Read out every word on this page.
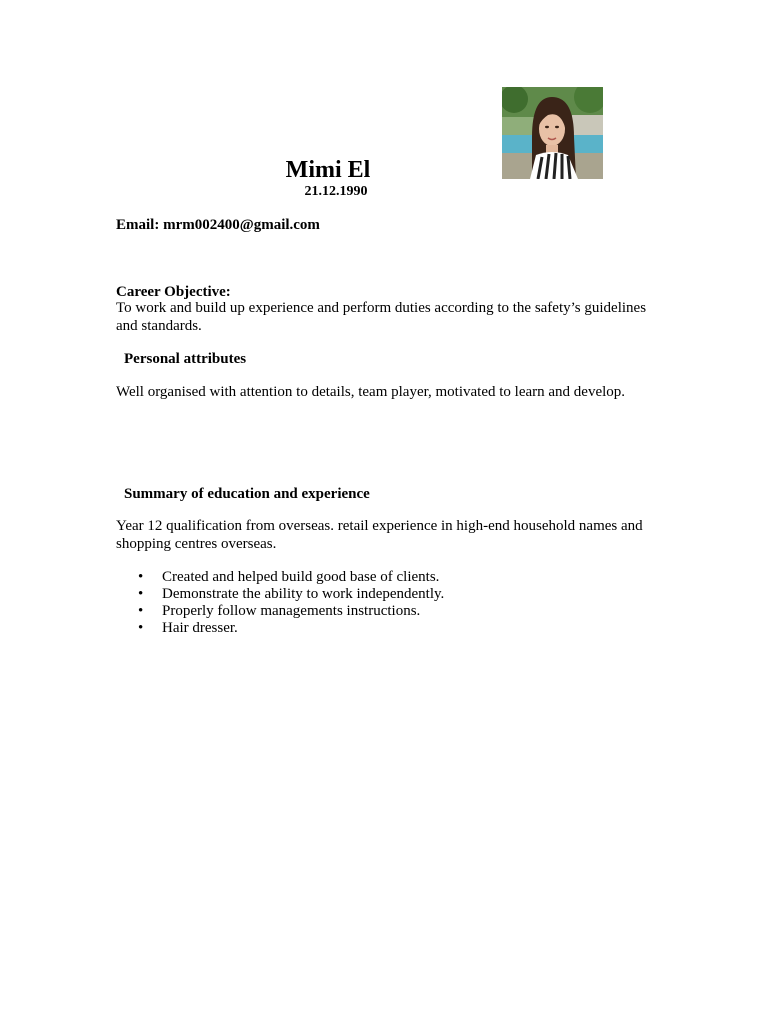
Mimi El
21.12.1990
Email: mrm002400@gmail.com
Career Objective:
To work and build up experience and perform duties according to the safety’s guidelines and standards.
Personal attributes
Well organised with attention to details, team player, motivated to learn and develop.
Summary of education and experience
Year 12 qualification from overseas. retail experience in high-end household names and shopping centres overseas.
• Created and helped build good base of clients.
• Demonstrate the ability to work independently.
• Properly follow managements instructions.
• Hair dresser.
